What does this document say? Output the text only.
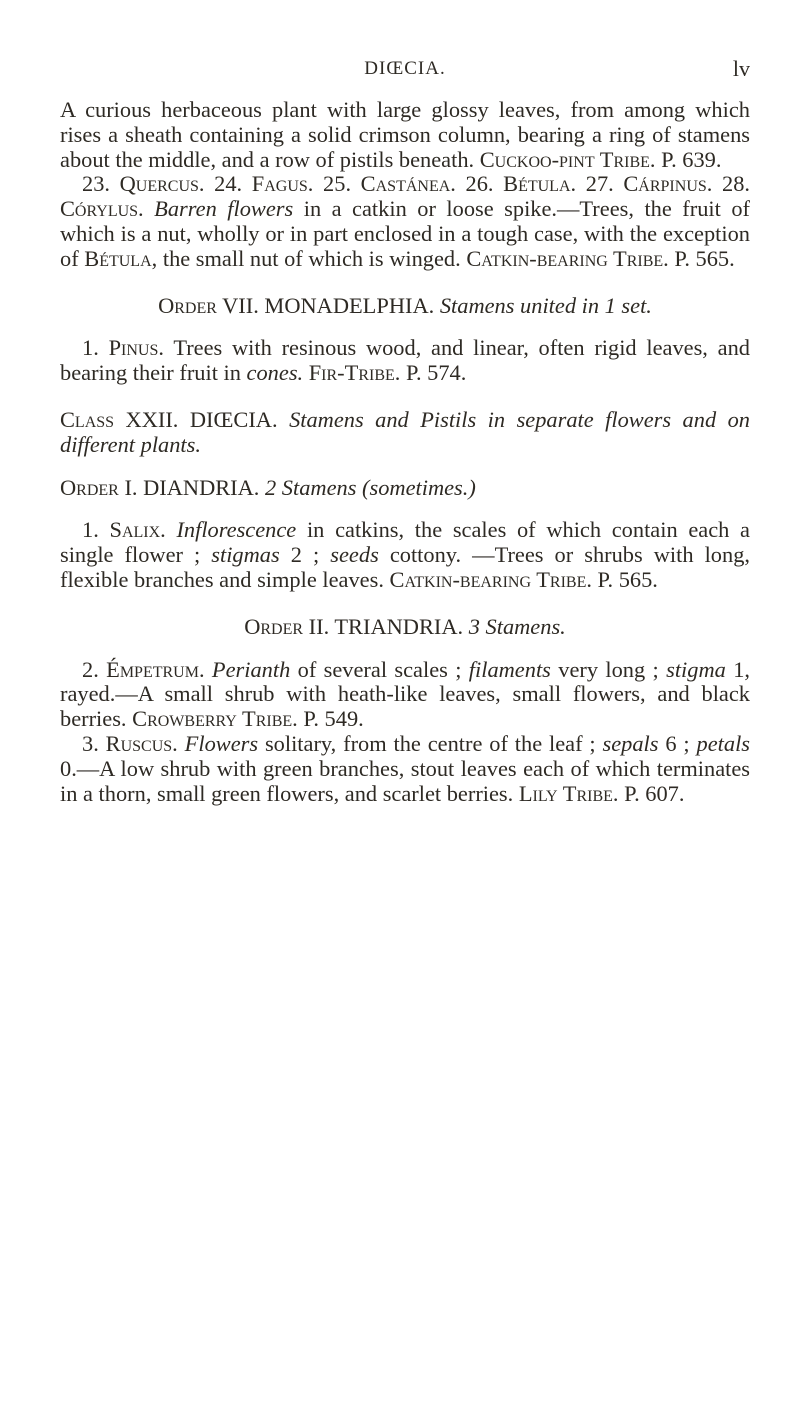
DIŒCIA.	lv

A curious herbaceous plant with large glossy leaves, from among which rises a sheath containing a solid crimson column, bearing a ring of stamens about the middle, and a row of pistils beneath. Cuckoo-pint Tribe. P. 639.

23. Quercus. 24. Fagus. 25. Castánea. 26. Bétula. 27. Cárpinus. 28. Córylus. Barren flowers in a catkin or loose spike.—Trees, the fruit of which is a nut, wholly or in part enclosed in a tough case, with the exception of Bétula, the small nut of which is winged. Catkin-bearing Tribe. P. 565.

Order VII. MONADELPHIA. Stamens united in 1 set.

1. Pinus. Trees with resinous wood, and linear, often rigid leaves, and bearing their fruit in cones. Fir-Tribe. P. 574.

Class XXII. DIŒCIA. Stamens and Pistils in separate flowers and on different plants.

Order I. DIANDRIA. 2 Stamens (sometimes.)

1. Salix. Inflorescence in catkins, the scales of which contain each a single flower ; stigmas 2 ; seeds cottony. —Trees or shrubs with long, flexible branches and simple leaves. Catkin-bearing Tribe. P. 565.

Order II. TRIANDRIA. 3 Stamens.

2. Émpetrum. Perianth of several scales ; filaments very long ; stigma 1, rayed.—A small shrub with heath-like leaves, small flowers, and black berries. Crowberry Tribe. P. 549.

3. Ruscus. Flowers solitary, from the centre of the leaf ; sepals 6 ; petals 0.—A low shrub with green branches, stout leaves each of which terminates in a thorn, small green flowers, and scarlet berries. Lily Tribe. P. 607.
